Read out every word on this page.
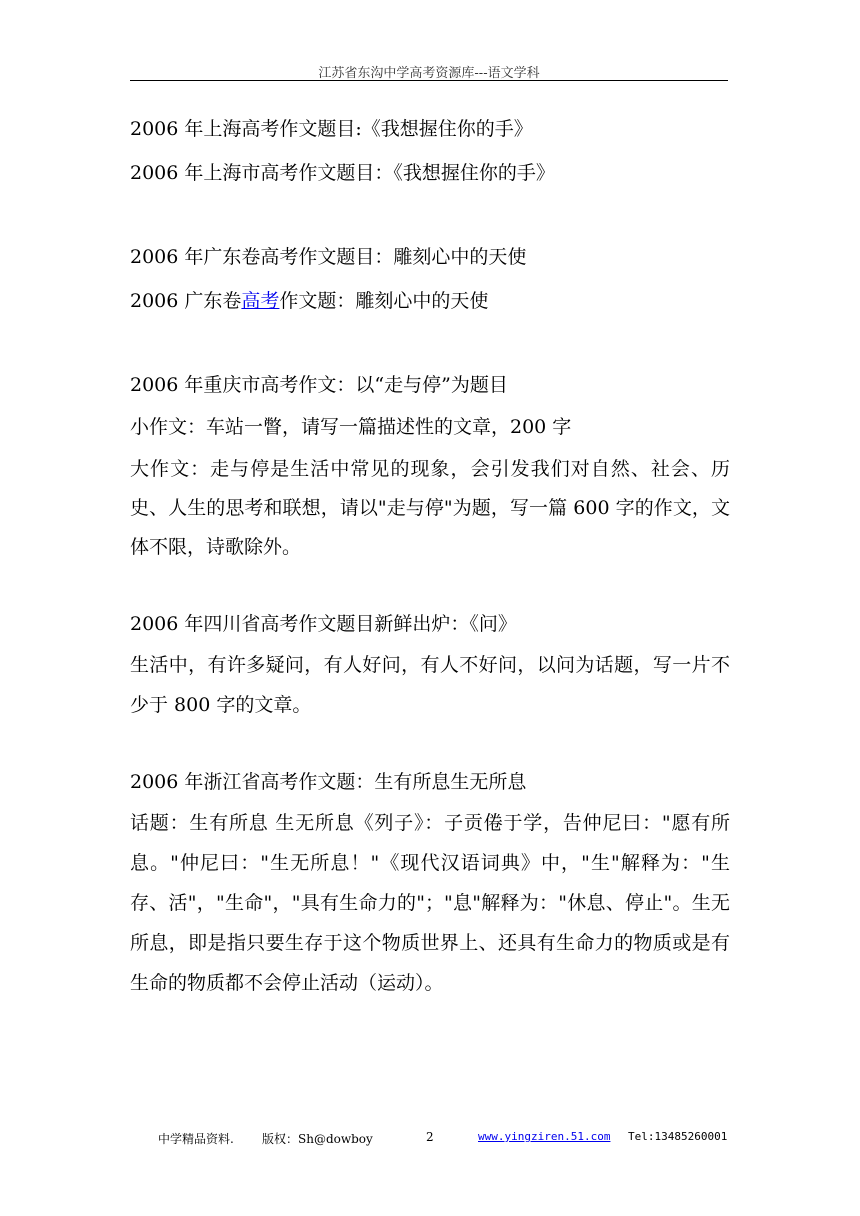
江苏省东沟中学高考资源库---语文学科
2006 年上海高考作文题目:《我想握住你的手》
2006 年上海市高考作文题目：《我想握住你的手》
2006 年广东卷高考作文题目：雕刻心中的天使
2006 广东卷高考作文题：雕刻心中的天使
2006 年重庆市高考作文：以“走与停”为题目
小作文：车站一瞥，请写一篇描述性的文章，200 字
大作文：走与停是生活中常见的现象，会引发我们对自然、社会、历史、人生的思考和联想，请以"走与停"为题，写一篇 600 字的作文，文体不限，诗歌除外。
2006 年四川省高考作文题目新鲜出炉：《问》
生活中，有许多疑问，有人好问，有人不好问，以问为话题，写一片不少于 800 字的文章。
2006 年浙江省高考作文题：生有所息生无所息
话题：生有所息 生无所息《列子》：子贡倦于学，告仲尼曰："愿有所息。"仲尼曰："生无所息！"《现代汉语词典》中，"生"解释为："生存、活"，"生命"，"具有生命力的"；"息"解释为："休息、停止"。生无所息，即是指只要生存于这个物质世界上、还具有生命力的物质或是有生命的物质都不会停止活动（运动）。
中学精品资料. 版权：Sh@dowboy	2	www.yingziren.51.com Tel:13485260001
